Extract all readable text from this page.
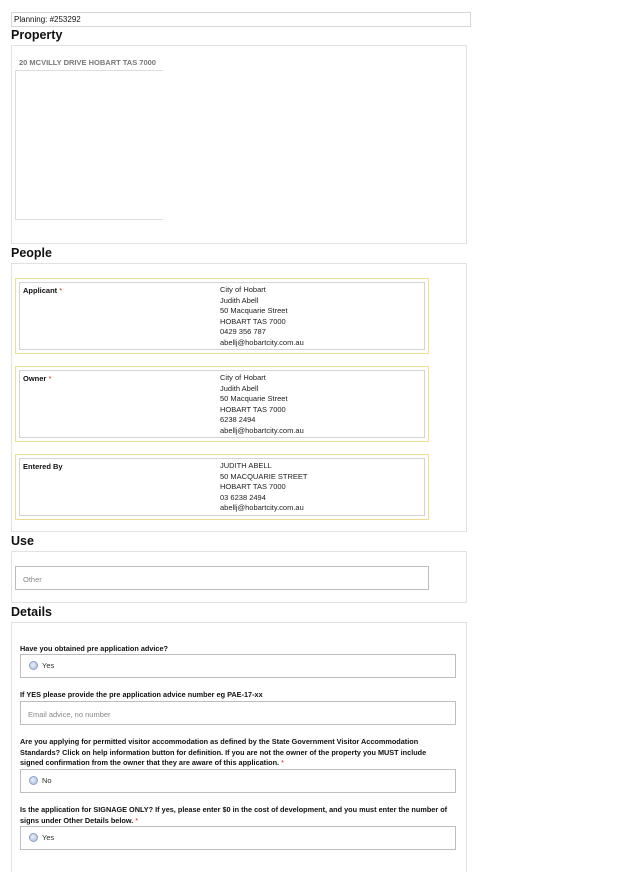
Planning: #253292
Property
20 MCVILLY DRIVE HOBART TAS 7000
People
Applicant *	City of Hobart
Judith Abell
50 Macquarie Street
HOBART TAS 7000
0429 356 787
abellj@hobartcity.com.au
Owner *	City of Hobart
Judith Abell
50 Macquarie Street
HOBART TAS 7000
6238 2494
abellj@hobartcity.com.au
Entered By	JUDITH ABELL
50 MACQUARIE STREET
HOBART TAS 7000
03 6238 2494
abellj@hobartcity.com.au
Use
Other
Details
Have you obtained pre application advice?
Yes
If YES please provide the pre application advice number eg PAE-17-xx
Email advice, no number
Are you applying for permitted visitor accommodation as defined by the State Government Visitor Accommodation Standards? Click on help information button for definition. If you are not the owner of the property you MUST include signed confirmation from the owner that they are aware of this application. *
No
Is the application for SIGNAGE ONLY? If yes, please enter $0 in the cost of development, and you must enter the number of signs under Other Details below. *
Yes
